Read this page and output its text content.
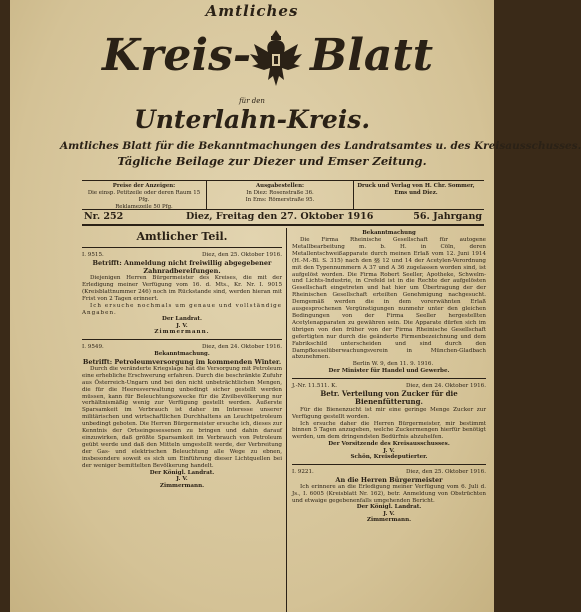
Amtliches
Kreis- Blatt
für den
Unterlahn-Kreis.
Amtliches Blatt für die Bekanntmachungen des Landratsamtes u. des Kreisausschusses.
Tägliche Beilage zur Diezer und Emser Zeitung.
Preise der Anzeigen:
Die einsp. Petitzeile oder deren Raum 15 Pfg.
Reklamezeile 50 Pfg.
Ausgabestellen:
In Diez: Rosenstraße 36.
In Ems: Römerstraße 95.
Druck und Verlag von H. Chr. Sommer,
Ems und Diez.
Nr. 252	Diez, Freitag den 27. Oktober 1916	56. Jahrgang
Amtlicher Teil.
I. 9515.	Diez, den 25. Oktober 1916.
Betrifft: Anmeldung nicht freiwillig abgegebener Zahnradbereifungen.
Diejenigen Herren Bürgermeister des Kreises, die mit der Erledigung meiner Verfügung vom 16. d. Mts., Kr. Nr. I. 9015 (Kreisblattnummer 246) noch im Rückstande sind, werden hieran mit Frist von 2 Tagen erinnert.
Ich ersuche nochmals um genaue und vollständige Angaben.
Der Landrat.
J. V.
Zimmermann.
I. 9549.	Diez, den 24. Oktober 1916.
Bekanntmachung.
Betrifft: Petroleumversorgung im kommenden Winter.
Durch die veränderte Kriegslage hat die Versorgung mit Petroleum eine erhebliche Erschwerung erfahren. Durch die beschränkte Zufuhr aus Österreich-Ungarn und bei den nicht unbeträchtlichen Mengen, die für die Heeresverwaltung unbedingt sicher gestellt werden müssen, kann für Beleuchtungszwecke für die Zivilbevölkerung nur verhältnismäßig wenig zur Verfügung gestellt werden. Äußerste Sparsamkeit im Verbrauch ist daher im Interesse unserer militärischen und wirtschaftlichen Durchhaltens an Leuchtpetroleum unbedingt geboten. Die Herren Bürgermeister ersuche ich, dieses zur Kenntnis der Ortseingesessenen zu bringen und dahin darauf einzuwirken, daß größte Sparsamkeit im Verbrauch von Petroleum geübt werde und daß den Mitteln umgestellt werde, der Verbreitung der Gas- und elektrischen Beleuchtung alle Wege zu ebnen, insbesondere soweit es sich um Einführung dieser Lichtquellen bei der weniger bemittelten Bevölkerung handelt.
Der Königl. Landrat.
J. V.
Zimmermann.
Bekanntmachung
Die Firma Rheinische Gesellschaft für autogene Metallbearbeitung m. b. H. in Cöln, deren Metallentschweißapparate durch meinen Erlaß vom 12. Juni 1914 (H.-M.-Bl. S. 315) nach den §§ 12 und 14 der Acetylen-Verordnung mit den Typennummern A 37 und A 36 zugelassen worden sind, ist aufgelöst worden. Die Firma Robert Seeller, Apotheke, Schwelm- und Lichts-Industrie, in Crefeld ist in die Rechte der aufgelösten Gesellschaft eingetreten und hat hier um Übertragung der der Rheinischen Gesellschaft erteilten Genehmigung nachgesucht. Demgemäß werden die in dem vorerwähnten Erlaß ausgesprochenen Vergünstigungen nunmehr unter den gleichen Bedingungen von der Firma Seeller hergestellten Acetylenapparaten zu gewähren sein. Die Apparate dürfen sich im übrigen von den früher von der Firma Rheinische Gesellschaft gefertigten nur durch die geänderte Firmenbezeichnung und dem Fabrikschild unterscheiden und sind durch den Dampfkesselüberwachungsverein in München-Gladbach abzunehmen.
Berlin W. 9, den 11. 9. 1916.
Der Minister für Handel und Gewerbe.
J.-Nr. 11.511. K.	Diez, den 24. Oktober 1916.
Betr. Verteilung von Zucker für die Bienenfütterung.
Für die Bienenzucht ist mir eine geringe Menge Zucker zur Verfügung gestellt worden.
Ich ersuche daher die Herren Bürgermeister, mir bestimmt binnen 5 Tagen anzugeben, welche Zuckermengen hierfür benötigt werden, um dem dringendsten Bedürfnis abzuhelfen.
Der Vorsitzende des Kreisausschusses.
J. V.
Schön, Kreisdeputierter.
I. 9221.	Diez, den 25. Oktober 1916.
An die Herren Bürgermeister
Ich erinnere an die Erledigung meiner Verfügung vom 6. Juli d. Js., I. 6005 (Kreisblatt Nr. 162), betr. Anmeldung von Obstrüchten und etwaige gegebenenfalls umgehenden Bericht.
Der Königl. Landrat.
J. V.
Zimmermann.
